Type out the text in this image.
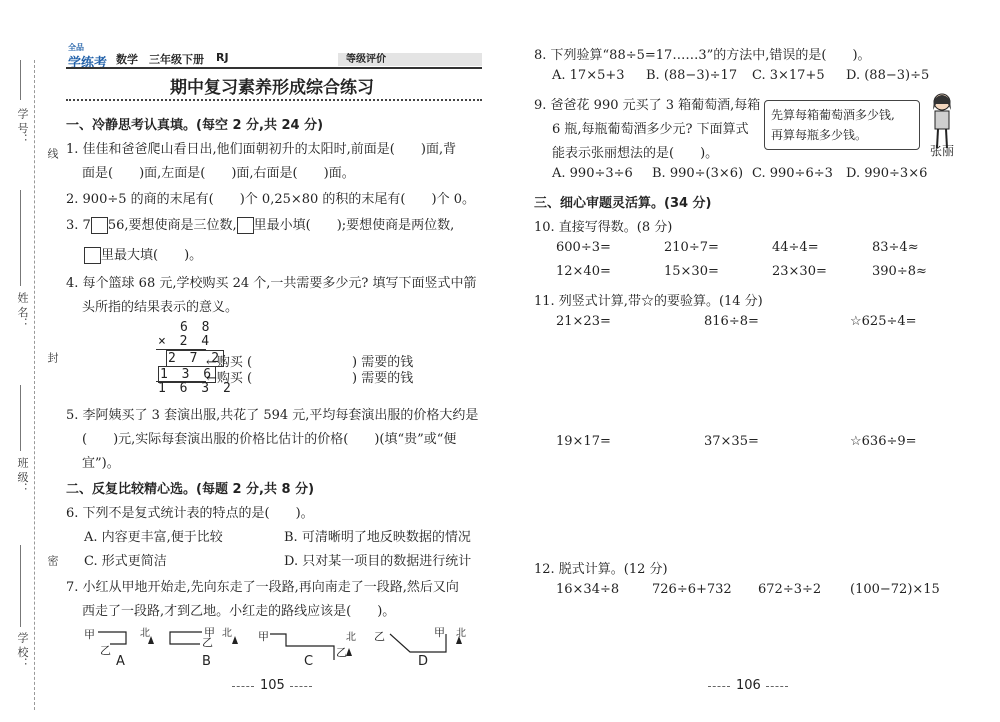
学 号：
姓 名：
班 级：
学 校：
线
封
密
全品
学练考 数学 三年级下册 RJ	等级评价
期中复习素养形成综合练习
一、冷静思考认真填。(每空 2 分,共 24 分)
1. 佳佳和爸爸爬山看日出,他们面朝初升的太阳时,前面是(　　)面,背
面是(　　)面,左面是(　　)面,右面是(　　)面。
2. 900÷5 的商的末尾有(　　)个 0,25×80 的积的末尾有(　　)个 0。
3. 7 56,要想使商是三位数, 里最小填(　　);要想使商是两位数,
里最大填(　　)。
4. 每个篮球 68 元,学校购买 24 个,一共需要多少元? 填写下面竖式中箭
头所指的结果表示的意义。
6 8
× 2 4
2 7 2
1 3 6
1 6 3 2
←购买 (	) 需要的钱
←购买 (	) 需要的钱
5. 李阿姨买了 3 套演出服,共花了 594 元,平均每套演出服的价格大约是
(　　)元,实际每套演出服的价格比估计的价格(　　)(填“贵”或“便
宜”)。
二、反复比较精心选。(每题 2 分,共 8 分)
6. 下列不是复式统计表的特点的是(　　)。
A. 内容更丰富,便于比较	B. 可清晰明了地反映数据的情况
C. 形式更简洁	D. 只对某一项目的数据进行统计
7. 小红从甲地开始走,先向东走了一段路,再向南走了一段路,然后又向
西走了一段路,才到乙地。小红走的路线应该是(　　)。
甲
乙
北
乙
甲 北 甲
乙
北 乙	甲 北
A	B	C	D
105
8. 下列验算“88÷5=17……3”的方法中,错误的是(　　)。
A. 17×5+3 B. (88−3)÷17 C. 3×17+5 D. (88−3)÷5
9. 爸爸花 990 元买了 3 箱葡萄酒,每箱
6 瓶,每瓶葡萄酒多少元? 下面算式
能表示张丽想法的是(　　)。
先算每箱葡萄酒多少钱,
再算每瓶多少钱。
张丽
A. 990÷3÷6 B. 990÷(3×6) C. 990÷6÷3 D. 990÷3×6
三、细心审题灵活算。(34 分)
10. 直接写得数。(8 分)
600÷3=	210÷7=	44÷4=	83÷4≈
12×40=	15×30=	23×30=	390÷8≈
11. 列竖式计算,带☆的要验算。(14 分)
21×23=	816÷8=	☆625÷4=
19×17=	37×35=	☆636÷9=
12. 脱式计算。(12 分)
16×34÷8	726÷6+732 672÷3÷2 (100−72)×15
106
